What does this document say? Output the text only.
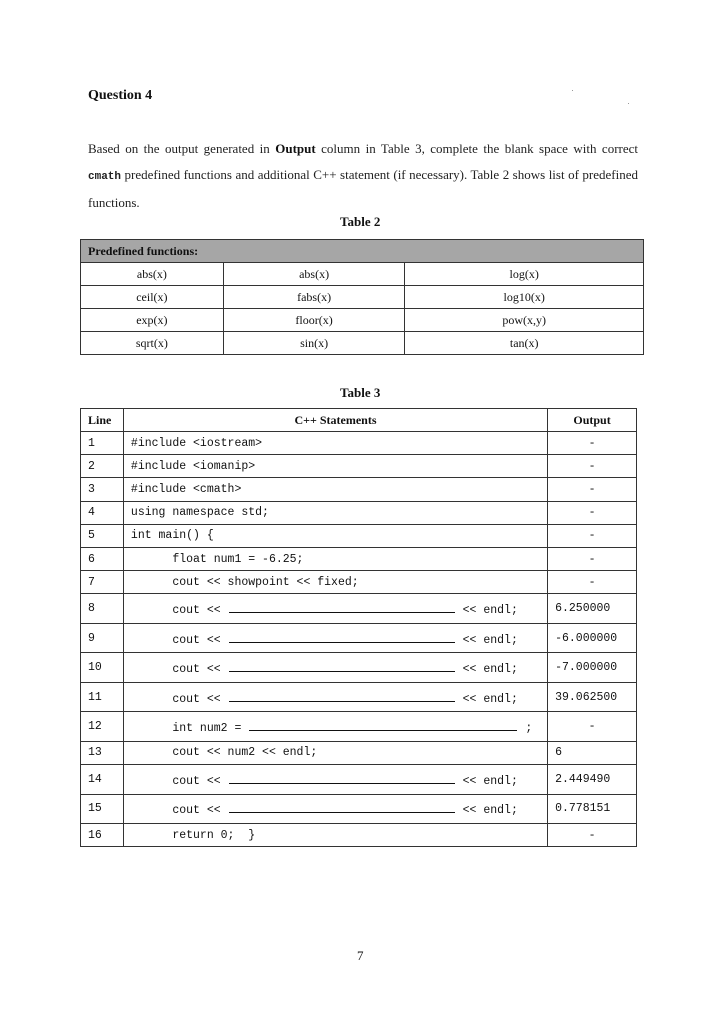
Question 4
Based on the output generated in Output column in Table 3, complete the blank space with correct cmath predefined functions and additional C++ statement (if necessary). Table 2 shows list of predefined functions.
Table 2
Predefined functions:		
abs(x)	abs(x)	log(x)
ceil(x)	fabs(x)	log10(x)
exp(x)	floor(x)	pow(x,y)
sqrt(x)	sin(x)	tan(x)
Table 3
Line	C++ Statements	Output
1	#include <iostream>	-
2	#include <iomanip>	-
3	#include <cmath>	-
4	using namespace std;	-
5	int main() {	-
6	float num1 = -6.25;	-
7	cout << showpoint << fixed;	-
8	cout << << endl;	6.250000
9	cout << << endl;	-6.000000
10	cout << << endl;	-7.000000
11	cout << << endl;	39.062500
12	int num2 = ;	-
13	cout << num2 << endl;	6
14	cout << << endl;	2.449490
15	cout << << endl;	0.778151
16	return 0;  }	-
7
